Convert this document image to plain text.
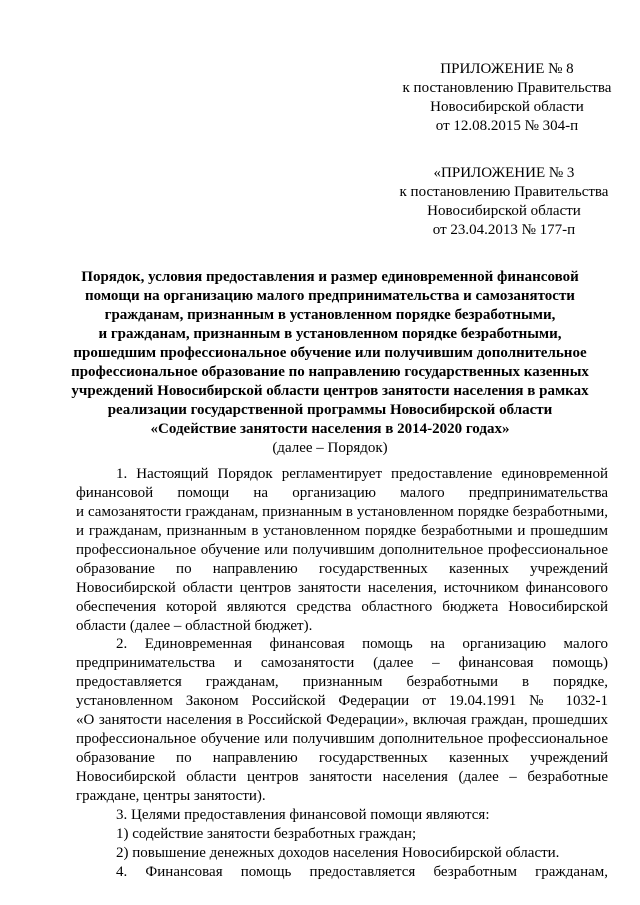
ПРИЛОЖЕНИЕ № 8
к постановлению Правительства
Новосибирской области
от 12.08.2015 № 304-п
«ПРИЛОЖЕНИЕ № 3
к постановлению Правительства
Новосибирской области
от 23.04.2013 № 177-п
Порядок, условия предоставления и размер единовременной финансовой
помощи на организацию малого предпринимательства и самозанятости
гражданам, признанным в установленном порядке безработными,
и гражданам, признанным в установленном порядке безработными,
прошедшим профессиональное обучение или получившим дополнительное
профессиональное образование по направлению государственных казенных
учреждений Новосибирской области центров занятости населения в рамках
реализации государственной программы Новосибирской области
«Содействие занятости населения в 2014-2020 годах»
(далее – Порядок)
1. Настоящий Порядок регламентирует предоставление единовременной
финансовой помощи на организацию малого предпринимательства
и самозанятости гражданам, признанным в установленном порядке безработными,
и гражданам, признанным в установленном порядке безработными и прошедшим
профессиональное обучение или получившим дополнительное профессиональное
образование по направлению государственных казенных учреждений
Новосибирской области центров занятости населения, источником финансового
обеспечения которой являются средства областного бюджета Новосибирской
области (далее – областной бюджет).
2. Единовременная финансовая помощь на организацию малого
предпринимательства и самозанятости (далее – финансовая помощь)
предоставляется гражданам, признанным безработными в порядке,
установленном Законом Российской Федерации от 19.04.1991 № 1032-1
«О занятости населения в Российской Федерации», включая граждан, прошедших
профессиональное обучение или получившим дополнительное профессиональное
образование по направлению государственных казенных учреждений
Новосибирской области центров занятости населения (далее – безработные
граждане, центры занятости).
3. Целями предоставления финансовой помощи являются:
1) содействие занятости безработных граждан;
2) повышение денежных доходов населения Новосибирской области.
4. Финансовая помощь предоставляется безработным гражданам,
